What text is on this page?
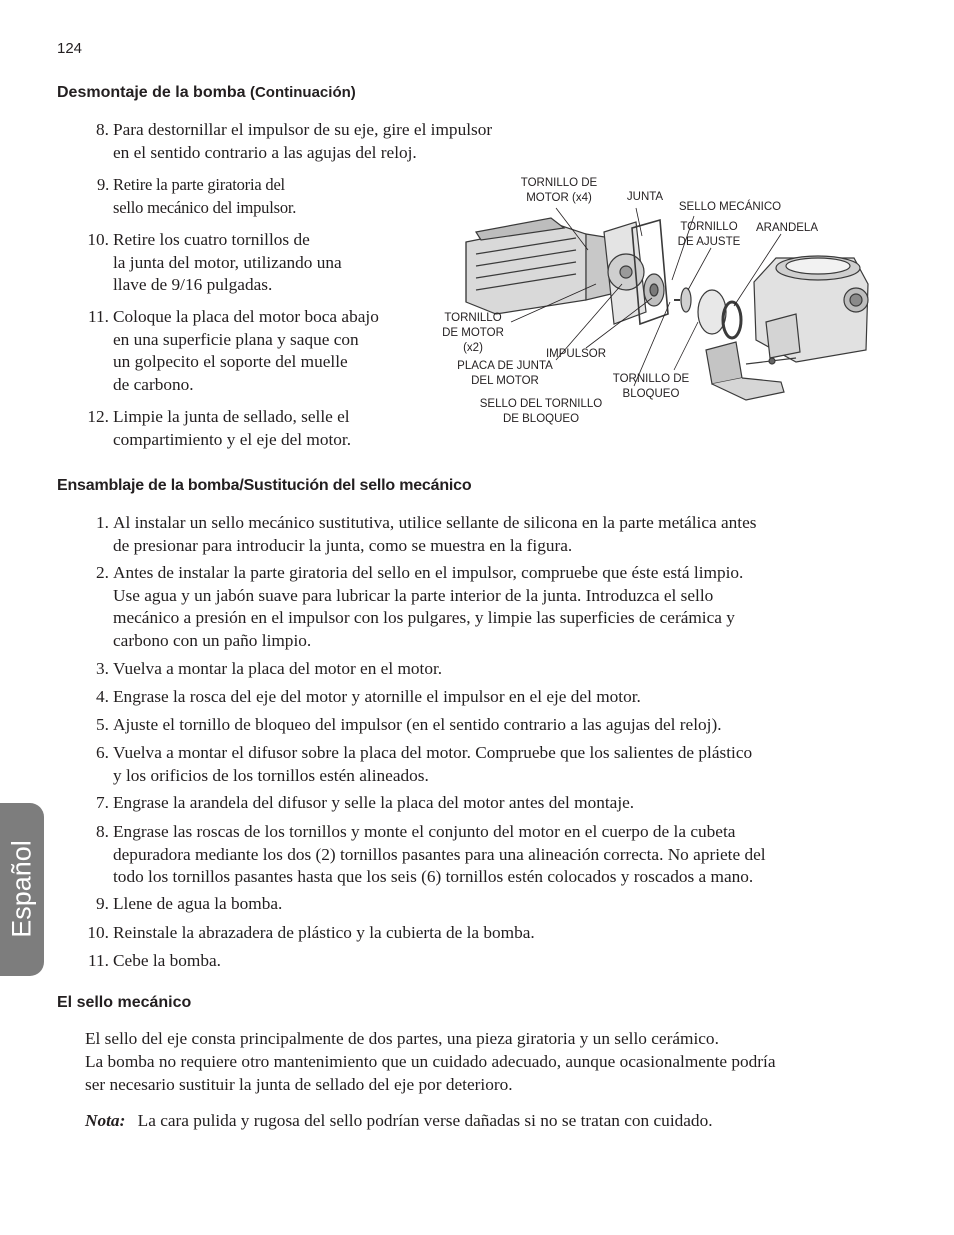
124
Desmontaje de la bomba (Continuación)
8. Para destornillar el impulsor de su eje, gire el impulsor
en el sentido contrario a las agujas del reloj.
9. Retire la parte giratoria del
sello mecánico del impulsor.
10. Retire los cuatro tornillos de
la junta del motor, utilizando una
llave de 9/16 pulgadas.
11. Coloque la placa del motor boca abajo
en una superficie plana y saque con
un golpecito el soporte del muelle
de carbono.
12. Limpie la junta de sellado, selle el
compartimiento y el eje del motor.
TORNILLO DE
MOTOR (x4)	JUNTA
SELLO MECÁNICO
TORNILLO
DE AJUSTE
ARANDELA
TORNILLO
DE MOTOR
(x2)	IMPULSOR
PLACA DE JUNTA
DEL MOTOR	TORNILLO DE
BLOQUEO
SELLO DEL TORNILLO
DE BLOQUEO
Ensamblaje de la bomba/Sustitución del sello mecánico
1. Al instalar un sello mecánico sustitutiva, utilice sellante de silicona en la parte metálica antes
de presionar para introducir la junta, como se muestra en la figura.
2. Antes de instalar la parte giratoria del sello en el impulsor, compruebe que éste está limpio.
Use agua y un jabón suave para lubricar la parte interior de la junta. Introduzca el sello
mecánico a presión en el impulsor con los pulgares, y limpie las superficies de cerámica y
carbono con un paño limpio.
3. Vuelva a montar la placa del motor en el motor.
4. Engrase la rosca del eje del motor y atornille el impulsor en el eje del motor.
5. Ajuste el tornillo de bloqueo del impulsor (en el sentido contrario a las agujas del reloj).
6. Vuelva a montar el difusor sobre la placa del motor. Compruebe que los salientes de plástico
y los orificios de los tornillos estén alineados.
7. Engrase la arandela del difusor y selle la placa del motor antes del montaje.
8. Engrase las roscas de los tornillos y monte el conjunto del motor en el cuerpo de la cubeta
depuradora mediante los dos (2) tornillos pasantes para una alineación correcta. No apriete del
todo los tornillos pasantes hasta que los seis (6) tornillos estén colocados y roscados a mano.
9. Llene de agua la bomba.
10. Reinstale la abrazadera de plástico y la cubierta de la bomba.
11. Cebe la bomba.
El sello mecánico
El sello del eje consta principalmente de dos partes, una pieza giratoria y un sello cerámico.
La bomba no requiere otro mantenimiento que un cuidado adecuado, aunque ocasionalmente podría
ser necesario sustituir la junta de sellado del eje por deterioro.
Nota: La cara pulida y rugosa del sello podrían verse dañadas si no se tratan con cuidado.
Español
